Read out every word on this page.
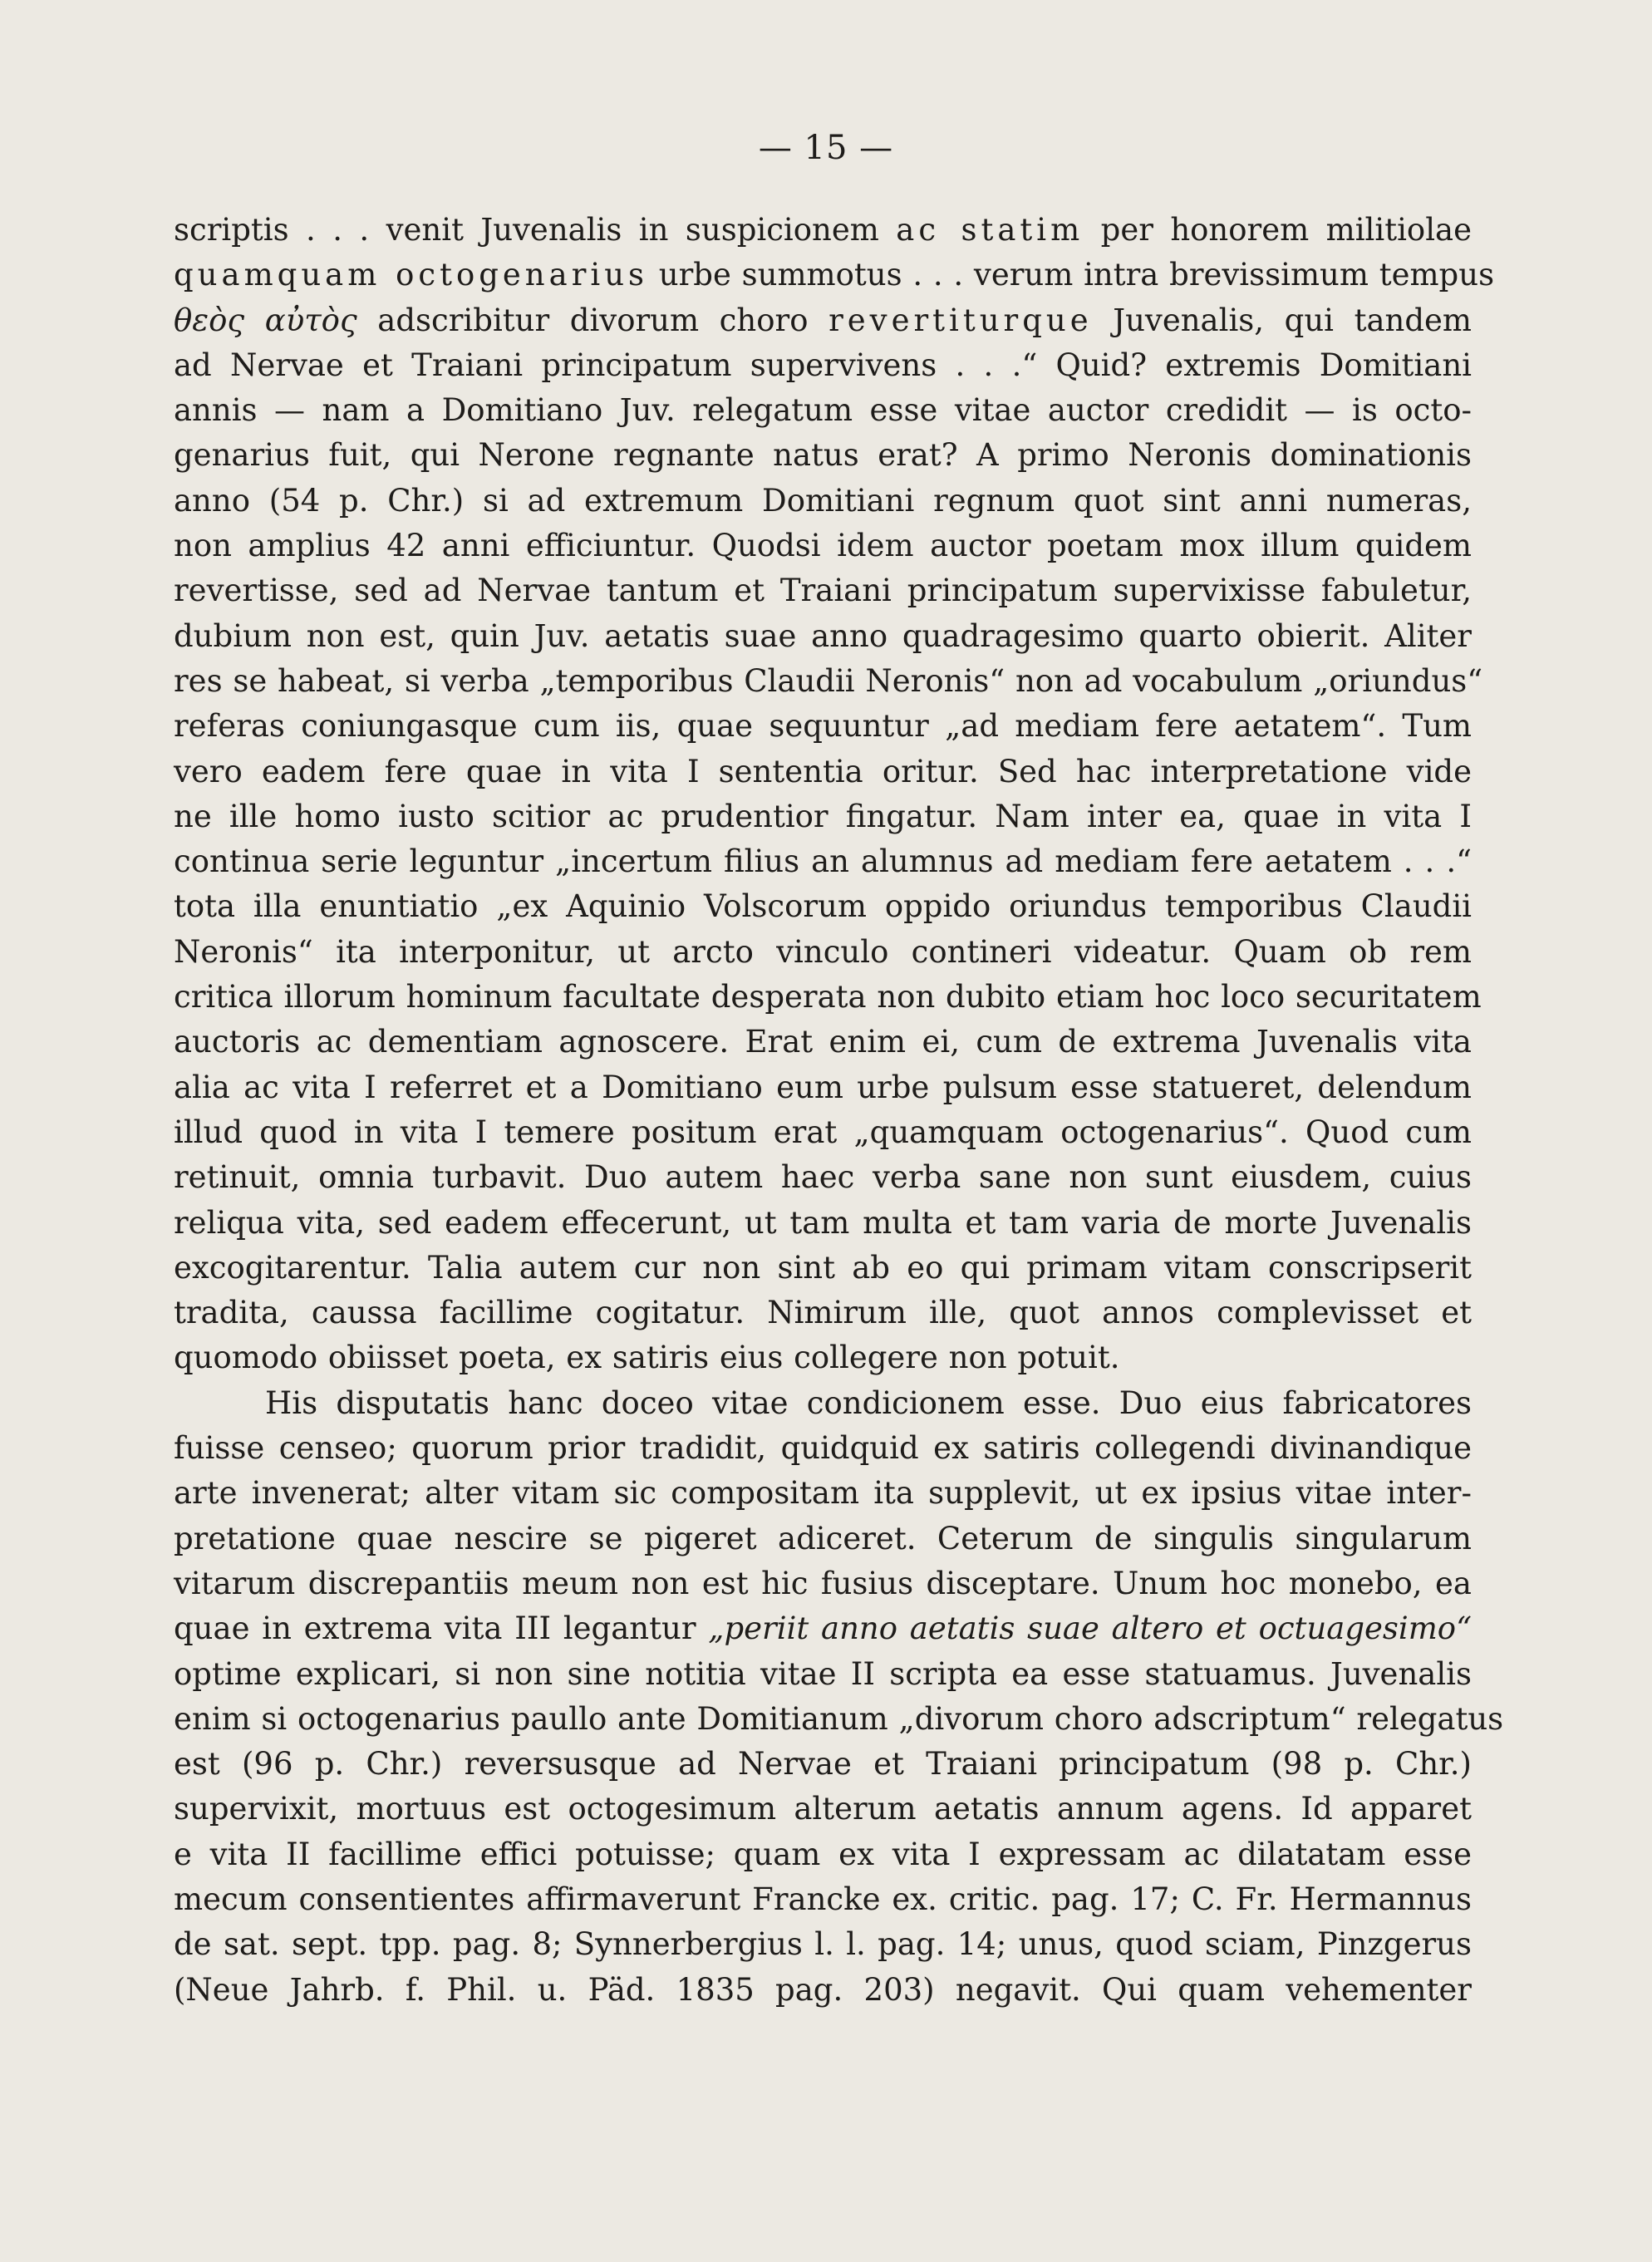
— 15 —
scriptis . . . venit Juvenalis in suspicionem ac statim per honorem militiolae
quamquam octogenarius urbe summotus . . . verum intra brevissimum tempus
θεὸς αὐτὸς adscribitur divorum choro revertiturque Juvenalis, qui tandem
ad Nervae et Traiani principatum supervivens . . .“ Quid? extremis Domitiani
annis — nam a Domitiano Juv. relegatum esse vitae auctor credidit — is octo-
genarius fuit, qui Nerone regnante natus erat? A primo Neronis dominationis
anno (54 p. Chr.) si ad extremum Domitiani regnum quot sint anni numeras,
non amplius 42 anni efficiuntur. Quodsi idem auctor poetam mox illum quidem
revertisse, sed ad Nervae tantum et Traiani principatum supervixisse fabuletur,
dubium non est, quin Juv. aetatis suae anno quadragesimo quarto obierit. Aliter
res se habeat, si verba „temporibus Claudii Neronis“ non ad vocabulum „oriundus“
referas coniungasque cum iis, quae sequuntur „ad mediam fere aetatem“. Tum
vero eadem fere quae in vita I sententia oritur. Sed hac interpretatione vide
ne ille homo iusto scitior ac prudentior fingatur. Nam inter ea, quae in vita I
continua serie leguntur „incertum filius an alumnus ad mediam fere aetatem . . .“
tota illa enuntiatio „ex Aquinio Volscorum oppido oriundus temporibus Claudii
Neronis“ ita interponitur, ut arcto vinculo contineri videatur. Quam ob rem
critica illorum hominum facultate desperata non dubito etiam hoc loco securitatem
auctoris ac dementiam agnoscere. Erat enim ei, cum de extrema Juvenalis vita
alia ac vita I referret et a Domitiano eum urbe pulsum esse statueret, delendum
illud quod in vita I temere positum erat „quamquam octogenarius“. Quod cum
retinuit, omnia turbavit. Duo autem haec verba sane non sunt eiusdem, cuius
reliqua vita, sed eadem effecerunt, ut tam multa et tam varia de morte Juvenalis
excogitarentur. Talia autem cur non sint ab eo qui primam vitam conscripserit
tradita, caussa facillime cogitatur. Nimirum ille, quot annos complevisset et
quomodo obiisset poeta, ex satiris eius collegere non potuit.
His disputatis hanc doceo vitae condicionem esse. Duo eius fabricatores
fuisse censeo; quorum prior tradidit, quidquid ex satiris collegendi divinandique
arte invenerat; alter vitam sic compositam ita supplevit, ut ex ipsius vitae inter-
pretatione quae nescire se pigeret adiceret. Ceterum de singulis singularum
vitarum discrepantiis meum non est hic fusius disceptare. Unum hoc monebo, ea
quae in extrema vita III legantur „periit anno aetatis suae altero et octuagesimo“
optime explicari, si non sine notitia vitae II scripta ea esse statuamus. Juvenalis
enim si octogenarius paullo ante Domitianum „divorum choro adscriptum“ relegatus
est (96 p. Chr.) reversusque ad Nervae et Traiani principatum (98 p. Chr.)
supervixit, mortuus est octogesimum alterum aetatis annum agens. Id apparet
e vita II facillime effici potuisse; quam ex vita I expressam ac dilatatam esse
mecum consentientes affirmaverunt Francke ex. critic. pag. 17; C. Fr. Hermannus
de sat. sept. tpp. pag. 8; Synnerbergius l. l. pag. 14; unus, quod sciam, Pinzgerus
(Neue Jahrb. f. Phil. u. Päd. 1835 pag. 203) negavit. Qui quam vehementer
